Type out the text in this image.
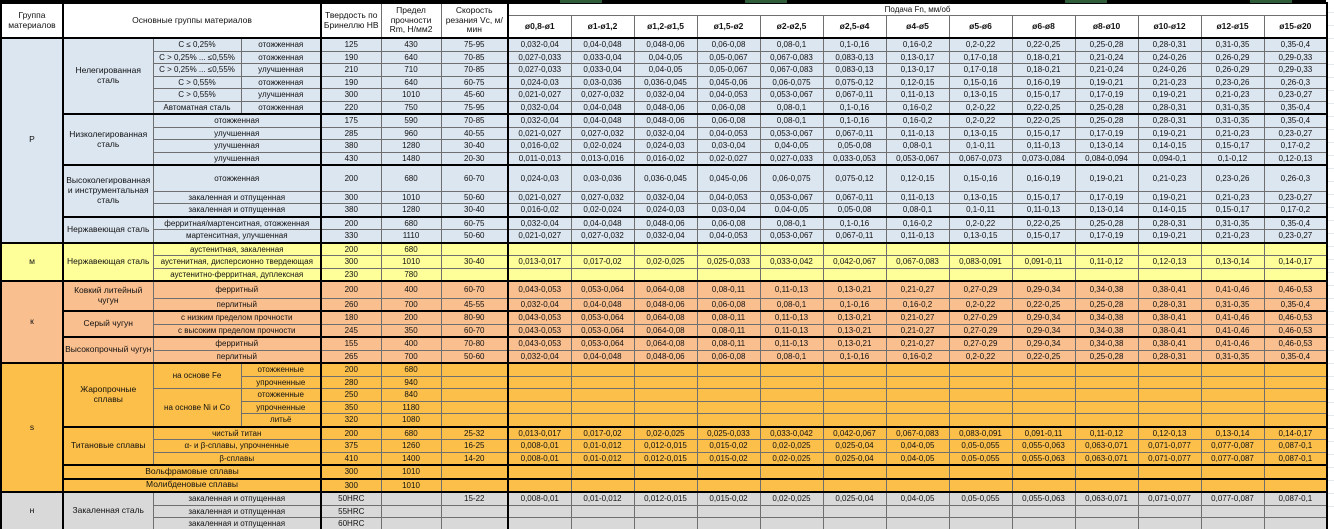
Группа материалов	Основные группы материалов			Твердость по Бринеллю HB	Предел прочности Rm, Н/мм2	Скорость резания Vc, м/мин	Подача Fn, мм/об												
							ø0,8-ø1	ø1-ø1,2	ø1,2-ø1,5	ø1,5-ø2	ø2-ø2,5	ø2,5-ø4	ø4-ø5	ø5-ø6	ø6-ø8	ø8-ø10	ø10-ø12	ø12-ø15	ø15-ø20
P	Нелегированная сталь	C ≤ 0,25%	отожженная	125	430	75-95	0,032-0,04	0,04-0,048	0,048-0,06	0,06-0,08	0,08-0,1	0,1-0,16	0,16-0,2	0,2-0,22	0,22-0,25	0,25-0,28	0,28-0,31	0,31-0,35	0,35-0,4
		C > 0,25% ... ≤0,55%	отожженная	190	640	70-85	0,027-0,033	0,033-0,04	0,04-0,05	0,05-0,067	0,067-0,083	0,083-0,13	0,13-0,17	0,17-0,18	0,18-0,21	0,21-0,24	0,24-0,26	0,26-0,29	0,29-0,33
		C > 0,25% ... ≤0,55%	улучшенная	210	710	70-85	0,027-0,033	0,033-0,04	0,04-0,05	0,05-0,067	0,067-0,083	0,083-0,13	0,13-0,17	0,17-0,18	0,18-0,21	0,21-0,24	0,24-0,26	0,26-0,29	0,29-0,33
		C > 0,55%	отожженная	190	640	60-75	0,024-0,03	0,03-0,036	0,036-0,045	0,045-0,06	0,06-0,075	0,075-0,12	0,12-0,15	0,15-0,16	0,16-0,19	0,19-0,21	0,21-0,23	0,23-0,26	0,26-0,3
		C > 0,55%	улучшенная	300	1010	45-60	0,021-0,027	0,027-0,032	0,032-0,04	0,04-0,053	0,053-0,067	0,067-0,11	0,11-0,13	0,13-0,15	0,15-0,17	0,17-0,19	0,19-0,21	0,21-0,23	0,23-0,27
		Автоматная сталь	отожженная	220	750	75-95	0,032-0,04	0,04-0,048	0,048-0,06	0,06-0,08	0,08-0,1	0,1-0,16	0,16-0,2	0,2-0,22	0,22-0,25	0,25-0,28	0,28-0,31	0,31-0,35	0,35-0,4
	Низколегированная сталь	отожженная		175	590	70-85	0,032-0,04	0,04-0,048	0,048-0,06	0,06-0,08	0,08-0,1	0,1-0,16	0,16-0,2	0,2-0,22	0,22-0,25	0,25-0,28	0,28-0,31	0,31-0,35	0,35-0,4
		улучшенная		285	960	40-55	0,021-0,027	0,027-0,032	0,032-0,04	0,04-0,053	0,053-0,067	0,067-0,11	0,11-0,13	0,13-0,15	0,15-0,17	0,17-0,19	0,19-0,21	0,21-0,23	0,23-0,27
		улучшенная		380	1280	30-40	0,016-0,02	0,02-0,024	0,024-0,03	0,03-0,04	0,04-0,05	0,05-0,08	0,08-0,1	0,1-0,11	0,11-0,13	0,13-0,14	0,14-0,15	0,15-0,17	0,17-0,2
		улучшенная		430	1480	20-30	0,011-0,013	0,013-0,016	0,016-0,02	0,02-0,027	0,027-0,033	0,033-0,053	0,053-0,067	0,067-0,073	0,073-0,084	0,084-0,094	0,094-0,1	0,1-0,12	0,12-0,13
	Высоколегированная и инструментальная сталь	отожженная		200	680	60-70	0,024-0,03	0,03-0,036	0,036-0,045	0,045-0,06	0,06-0,075	0,075-0,12	0,12-0,15	0,15-0,16	0,16-0,19	0,19-0,21	0,21-0,23	0,23-0,26	0,26-0,3
		закаленная и отпущенная		300	1010	50-60	0,021-0,027	0,027-0,032	0,032-0,04	0,04-0,053	0,053-0,067	0,067-0,11	0,11-0,13	0,13-0,15	0,15-0,17	0,17-0,19	0,19-0,21	0,21-0,23	0,23-0,27
		закаленная и отпущенная		380	1280	30-40	0,016-0,02	0,02-0,024	0,024-0,03	0,03-0,04	0,04-0,05	0,05-0,08	0,08-0,1	0,1-0,11	0,11-0,13	0,13-0,14	0,14-0,15	0,15-0,17	0,17-0,2
	Нержавеющая сталь	ферритная/мартенситная, отожженная		200	680	60-75	0,032-0,04	0,04-0,048	0,048-0,06	0,06-0,08	0,08-0,1	0,1-0,16	0,16-0,2	0,2-0,22	0,22-0,25	0,25-0,28	0,28-0,31	0,31-0,35	0,35-0,4
		мартенситная, улучшенная		330	1110	50-60	0,021-0,027	0,027-0,032	0,032-0,04	0,04-0,053	0,053-0,067	0,067-0,11	0,11-0,13	0,13-0,15	0,15-0,17	0,17-0,19	0,19-0,21	0,21-0,23	0,23-0,27
м	Нержавеющая сталь	аустенитная, закаленная		200	680														
		аустенитная, дисперсионно твердеющая		300	1010	30-40	0,013-0,017	0,017-0,02	0,02-0,025	0,025-0,033	0,033-0,042	0,042-0,067	0,067-0,083	0,083-0,091	0,091-0,11	0,11-0,12	0,12-0,13	0,13-0,14	0,14-0,17
		аустенитно-ферритная, дуплексная		230	780														
к	Ковкий литейный чугун	ферритный		200	400	60-70	0,043-0,053	0,053-0,064	0,064-0,08	0,08-0,11	0,11-0,13	0,13-0,21	0,21-0,27	0,27-0,29	0,29-0,34	0,34-0,38	0,38-0,41	0,41-0,46	0,46-0,53
		перлитный		260	700	45-55	0,032-0,04	0,04-0,048	0,048-0,06	0,06-0,08	0,08-0,1	0,1-0,16	0,16-0,2	0,2-0,22	0,22-0,25	0,25-0,28	0,28-0,31	0,31-0,35	0,35-0,4
	Серый чугун	с низким пределом прочности		180	200	80-90	0,043-0,053	0,053-0,064	0,064-0,08	0,08-0,11	0,11-0,13	0,13-0,21	0,21-0,27	0,27-0,29	0,29-0,34	0,34-0,38	0,38-0,41	0,41-0,46	0,46-0,53
		с высоким пределом прочности		245	350	60-70	0,043-0,053	0,053-0,064	0,064-0,08	0,08-0,11	0,11-0,13	0,13-0,21	0,21-0,27	0,27-0,29	0,29-0,34	0,34-0,38	0,38-0,41	0,41-0,46	0,46-0,53
	Высокопрочный чугун	ферритный		155	400	70-80	0,043-0,053	0,053-0,064	0,064-0,08	0,08-0,11	0,11-0,13	0,13-0,21	0,21-0,27	0,27-0,29	0,29-0,34	0,34-0,38	0,38-0,41	0,41-0,46	0,46-0,53
		перлитный		265	700	50-60	0,032-0,04	0,04-0,048	0,048-0,06	0,06-0,08	0,08-0,1	0,1-0,16	0,16-0,2	0,2-0,22	0,22-0,25	0,25-0,28	0,28-0,31	0,31-0,35	0,35-0,4
s	Жаропрочные сплавы	на основе Fe	отожженные	200	680														
			упрочненные	280	940														
		на основе Ni и Co	отожженные	250	840														
			упрочненные	350	1180														
			литьё	320	1080														
	Титановые сплавы	чистый титан		200	680	25-32	0,013-0,017	0,017-0,02	0,02-0,025	0,025-0,033	0,033-0,042	0,042-0,067	0,067-0,083	0,083-0,091	0,091-0,11	0,11-0,12	0,12-0,13	0,13-0,14	0,14-0,17
		α- и β-сплавы, упрочненные		375	1260	16-25	0,008-0,01	0,01-0,012	0,012-0,015	0,015-0,02	0,02-0,025	0,025-0,04	0,04-0,05	0,05-0,055	0,055-0,063	0,063-0,071	0,071-0,077	0,077-0,087	0,087-0,1
		β-сплавы		410	1400	14-20	0,008-0,01	0,01-0,012	0,012-0,015	0,015-0,02	0,02-0,025	0,025-0,04	0,04-0,05	0,05-0,055	0,055-0,063	0,063-0,071	0,071-0,077	0,077-0,087	0,087-0,1
	Вольфрамовые сплавы			300	1010														
	Молибденовые сплавы			300	1010														
н	Закаленная сталь	закаленная и отпущенная		50HRC		15-22	0,008-0,01	0,01-0,012	0,012-0,015	0,015-0,02	0,02-0,025	0,025-0,04	0,04-0,05	0,05-0,055	0,055-0,063	0,063-0,071	0,071-0,077	0,077-0,087	0,087-0,1
		закаленная и отпущенная		55HRC															
		закаленная и отпущенная		60HRC															
